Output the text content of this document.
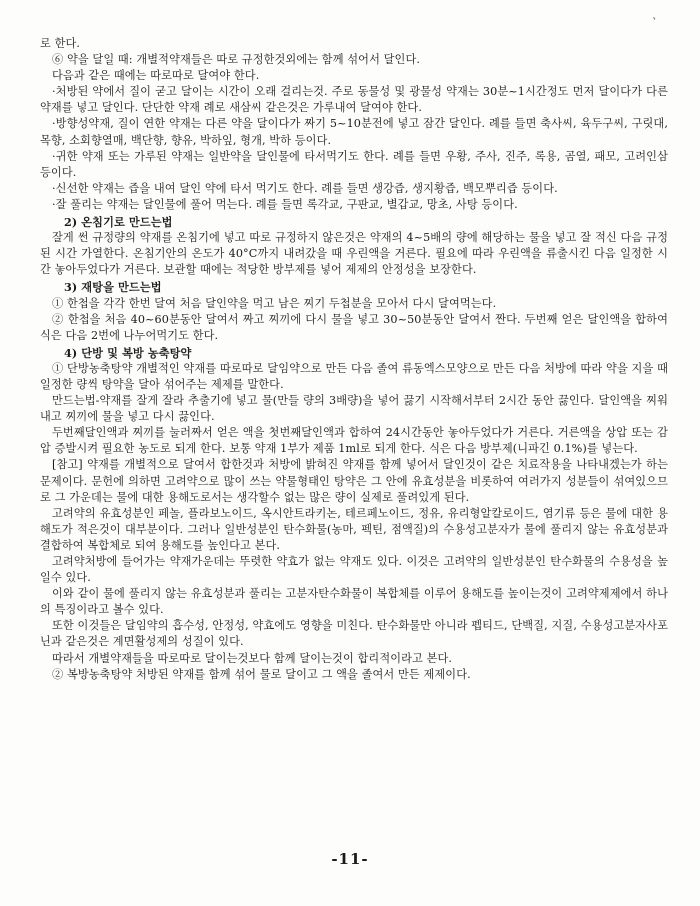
ㆍ

로 한다.

⑥ 약을 달일 때: 개별적약재들은 따로 규정한것외에는 함께 섞어서 달인다.

다음과 같은 때에는 따로따로 달여야 한다.

·처방된 약에서 질이 굳고 달이는 시간이 오래 걸리는것. 주로 동물성 및 광물성 약재는 30분~1시간정도 먼저 달이다가 다른 약재를 넣고 달인다. 단단한 약재 례로 새삼씨 같은것은 가루내여 달여야 한다.

·방향성약재, 질이 연한 약재는 다른 약을 달이다가 짜기 5~10분전에 넣고 잠간 달인다. 례를 들면 축사씨, 육두구씨, 구릿대, 목향, 소회향열매, 백단향, 향유, 박하잎, 형개, 박하 등이다.

·귀한 약재 또는 가루된 약재는 일반약을 달인물에 타서먹기도 한다. 례를 들면 우황, 주사, 진주, 록용, 곰열, 패모, 고려인삼 등이다.

·신선한 약재는 즙을 내여 달인 약에 타서 먹기도 한다. 례를 들면 생강즙, 생지황즙, 백모뿌리즙 등이다.

·잘 풀리는 약재는 달인물에 풀어 먹는다. 례를 들면 록각교, 구판교, 별갑교, 망초, 사탕 등이다.

2) 온침기로 만드는법

잘게 썬 규정량의 약재를 온침기에 넣고 따로 규정하지 않은것은 약재의 4~5배의 량에 해당하는 물을 넣고 잘 적신 다음 규정된 시간 가열한다. 온침기안의 온도가 40°C까지 내려갔을 때 우린액을 거른다. 필요에 따라 우린액을 류출시킨 다음 일정한 시간 놓아두었다가 거른다. 보관할 때에는 적당한 방부제를 넣어 제제의 안정성을 보장한다.

3) 재탕을 만드는법

① 한첩을 각각 한번 달여 처음 달인약을 먹고 남은 찌기 두첩분을 모아서 다시 달여먹는다.

② 한첩을 처음 40~60분동안 달여서 짜고 찌끼에 다시 물을 넣고 30~50분동안 달여서 짠다. 두번째 얻은 달인액을 합하여 식은 다음 2번에 나누어먹기도 한다.

4) 단방 및 복방 농축탕약

① 단방농축탕약 개별적인 약재를 따로따로 달임약으로 만든 다음 졸여 류동엑스모양으로 만든 다음 처방에 따라 약을 지을 때 일정한 량씩 탕약을 달아 섞어주는 제제를 말한다.

만드는법-약재를 잘게 잘라 추출기에 넣고 물(만들 량의 3배량)을 넣어 끓기 시작해서부터 2시간 동안 끓인다. 달인액을 찌워내고 찌끼에 물을 넣고 다시 끓인다.

두번째달인액과 찌끼를 눌러짜서 얻은 액을 첫번째달인액과 합하여 24시간동안 놓아두었다가 거른다. 거른액을 상압 또는 감압 증발시켜 필요한 농도로 되게 한다. 보통 약재 1부가 제품 1ml로 되게 한다. 식은 다음 방부제(니파긴 0.1%)를 넣는다.

[참고] 약재를 개별적으로 달여서 합한것과 처방에 밝혀진 약재를 함께 넣어서 달인것이 같은 치료작용을 나타내겠는가 하는 문제이다. 문헌에 의하면 고려약으로 많이 쓰는 약물형태인 탕약은 그 안에 유효성분을 비롯하여 여러가지 성분들이 섞여있으므로 그 가운데는 물에 대한 용해도로서는 생각할수 없는 많은 량이 실제로 풀려있게 된다.

고려약의 유효성분인 페놀, 플라보노이드, 옥시안트라키논, 테르페노이드, 정유, 유리형알칼로이드, 염기류 등은 물에 대한 용해도가 적은것이 대부분이다. 그러나 일반성분인 탄수화물(농마, 펙틴, 점액질)의 수용성고분자가 물에 풀리지 않는 유효성분과 결합하여 복합체로 되여 용해도를 높인다고 본다.

고려약처방에 들어가는 약재가운데는 뚜렷한 약효가 없는 약재도 있다. 이것은 고려약의 일반성분인 탄수화물의 수용성을 높일수 있다.

이와 같이 물에 풀리지 않는 유효성분과 풀리는 고분자탄수화물이 복합체를 이루어 용해도를 높이는것이 고려약제제에서 하나의 특징이라고 볼수 있다.

또한 이것들은 달임약의 흡수성, 안정성, 약효에도 영향을 미친다. 탄수화물만 아니라 펩티드, 단백질, 지질, 수용성고분자사포닌과 같은것은 계면활성제의 성질이 있다.

따라서 개별약재들을 따로따로 달이는것보다 함께 달이는것이 합리적이라고 본다.

② 복방농축탕약 처방된 약재를 함께 섞어 물로 달이고 그 액을 졸여서 만든 제제이다.

-11-
